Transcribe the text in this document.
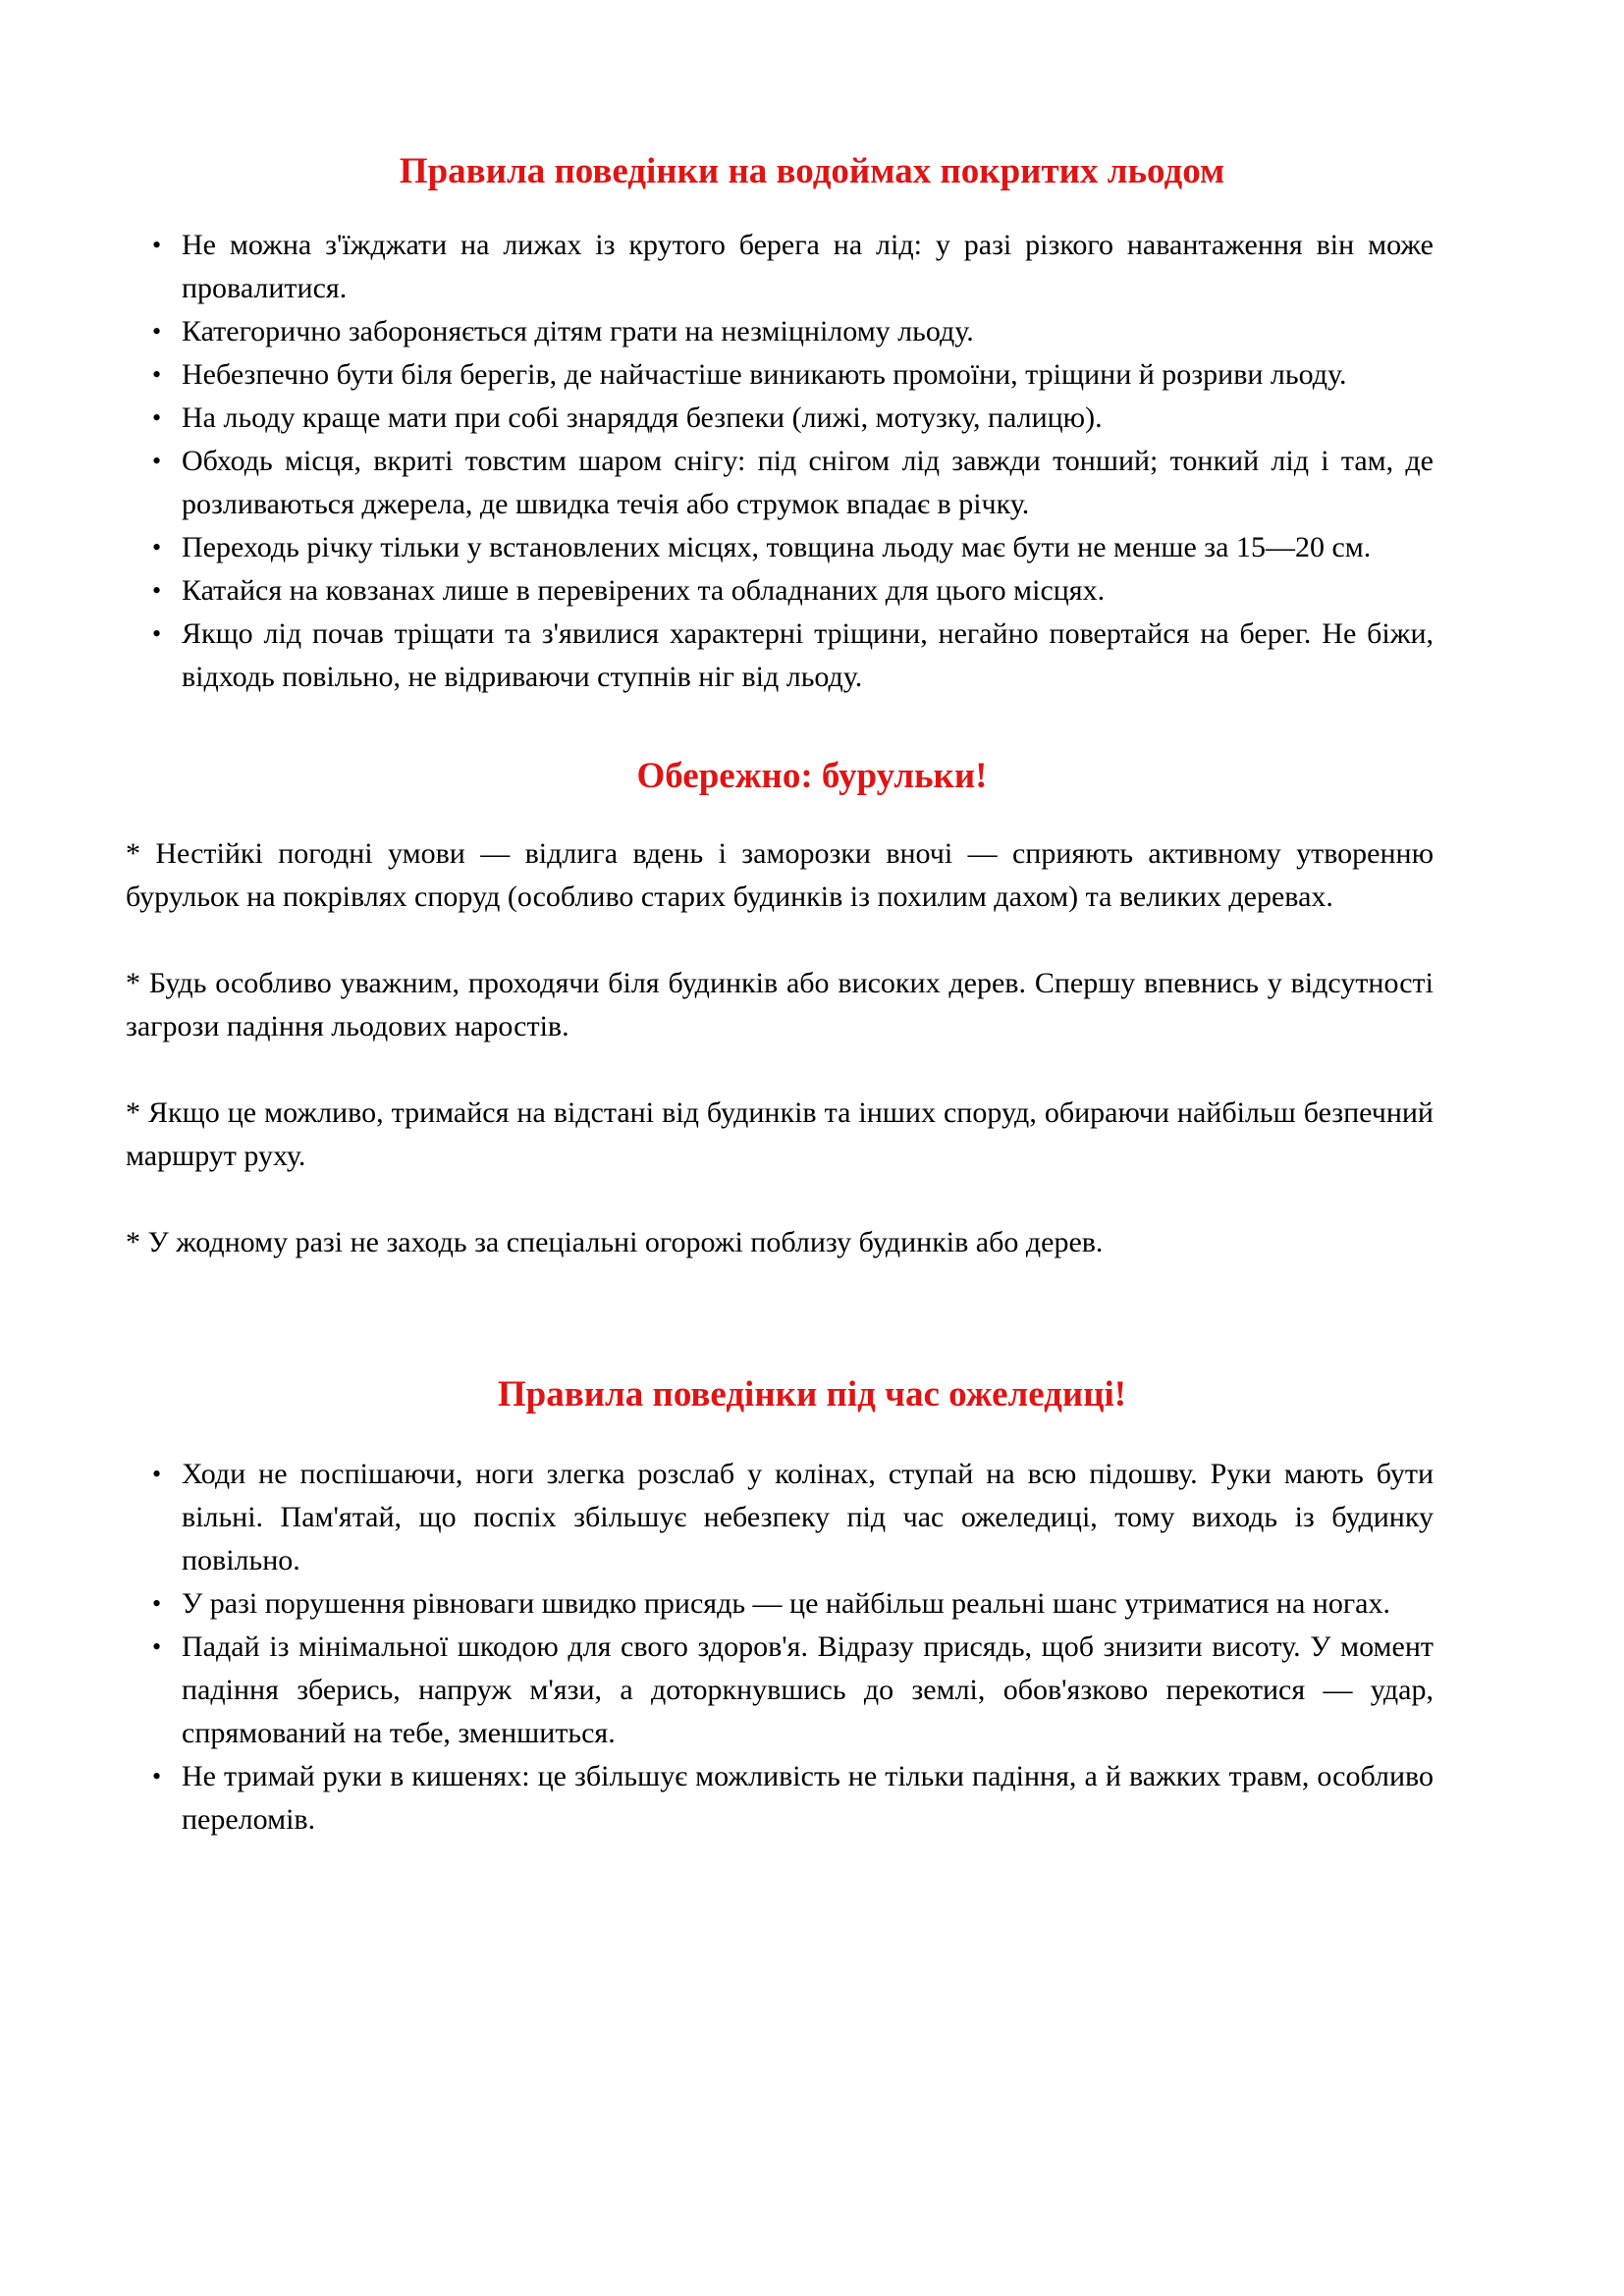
Правила поведінки на водоймах покритих льодом
• Не можна з'їжджати на лижах із крутого берега на лід: у разі різкого навантаження він може провалитися.
• Категорично забороняється дітям грати на незміцнілому льоду.
• Небезпечно бути біля берегів, де найчастіше виникають промоїни, тріщини й розриви льоду.
• На льоду краще мати при собі знаряддя безпеки (лижі, мотузку, палицю).
• Обходь місця, вкриті товстим шаром снігу: під снігом лід завжди тонший; тонкий лід і там, де розливаються джерела, де швидка течія або струмок впадає в річку.
• Переходь річку тільки у встановлених місцях, товщина льоду має бути не менше за 15—20 см.
• Катайся на ковзанах лише в перевірених та обладнаних для цього місцях.
• Якщо лід почав тріщати та з'явилися характерні тріщини, негайно повертайся на берег. Не біжи, відходь повільно, не відриваючи ступнів ніг від льоду.
Обережно: бурульки!

* Нестійкі погодні умови — відлига вдень і заморозки вночі — сприяють активному утворенню бурульок на покрівлях споруд (особливо старих будинків із похилим дахом) та великих деревах.

* Будь особливо уважним, проходячи біля будинків або високих дерев. Спершу впевнись у відсутності загрози падіння льодових наростів.

* Якщо це можливо, тримайся на відстані від будинків та інших споруд, обираючи найбільш безпечний маршрут руху.

* У жодному разі не заходь за спеціальні огорожі поблизу будинків або дерев.

Правила поведінки під час ожеледиці!
• Ходи не поспішаючи, ноги злегка розслаб у колінах, ступай на всю підошву. Руки мають бути вільні. Пам'ятай, що поспіх збільшує небезпеку під час ожеледиці, тому виходь із будинку повільно.
• У разі порушення рівноваги швидко присядь — це найбільш реальні шанс утриматися на ногах.
• Падай із мінімальної шкодою для свого здоров'я. Відразу присядь, щоб знизити висоту. У момент падіння зберись, напруж м'язи, а доторкнувшись до землі, обов'язково перекотися — удар, спрямований на тебе, зменшиться.
• Не тримай руки в кишенях: це збільшує можливість не тільки падіння, а й важких травм, особливо переломів.
